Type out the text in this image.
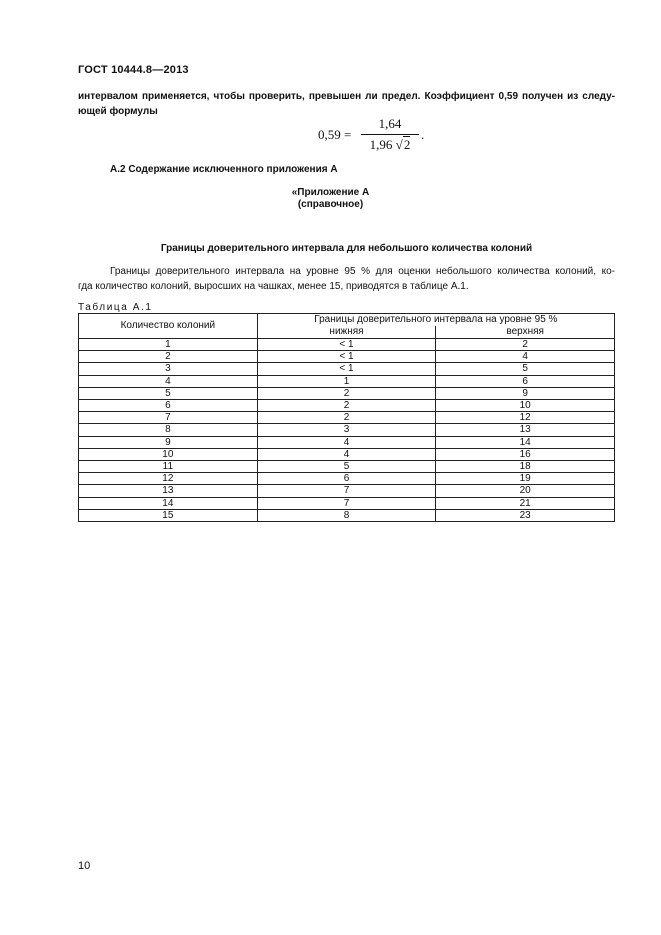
ГОСТ 10444.8—2013
интервалом применяется, чтобы проверить, превышен ли предел. Коэффициент 0,59 получен из следу-
ющей формулы
0,59 =
1,64
1,96 √2
.
А.2 Содержание исключенного приложения А
«Приложение А
(справочное)
Границы доверительного интервала для небольшого количества колоний
Границы доверительного интервала на уровне 95 % для оценки небольшого количества колоний, ко-
гда количество колоний, выросших на чашках, менее 15, приводятся в таблице А.1.
Таблица А.1
Количество колоний	Границы доверительного интервала на уровне 95 %	
	нижняя	верхняя
1	< 1	2
2	< 1	4
3	< 1	5
4	1	6
5	2	9
6	2	10
7	2	12
8	3	13
9	4	14
10	4	16
11	5	18
12	6	19
13	7	20
14	7	21
15	8	23
10
